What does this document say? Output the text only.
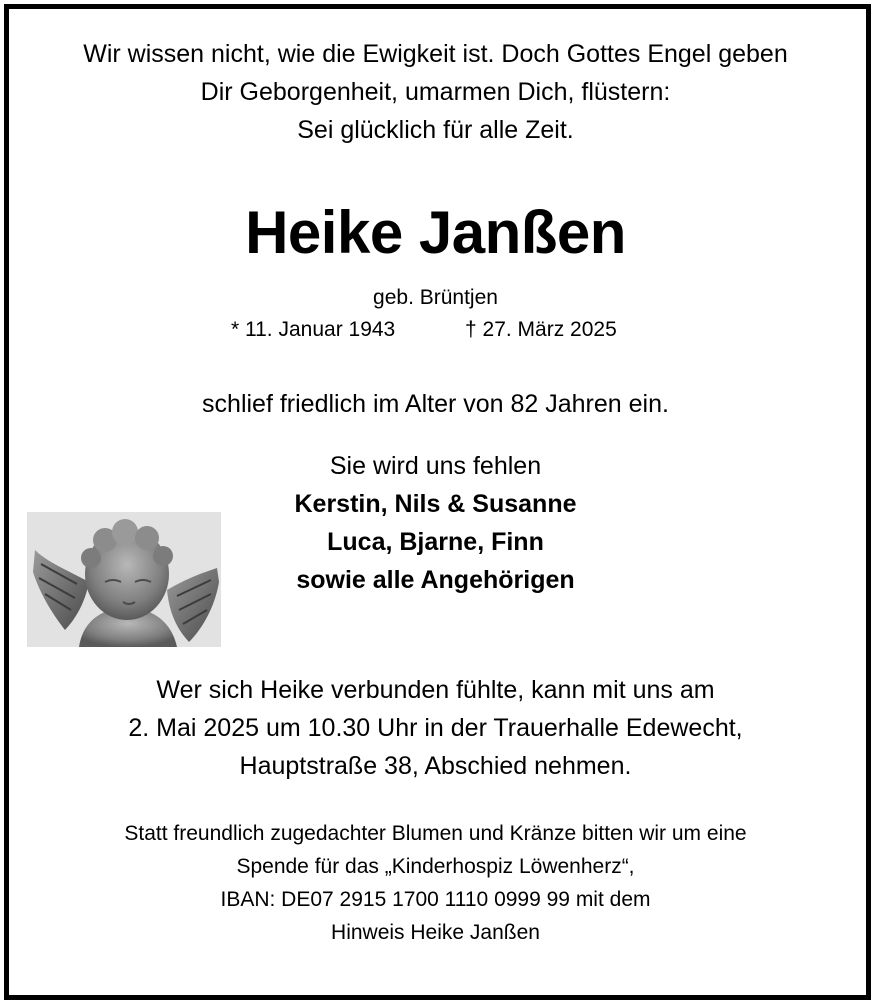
Wir wissen nicht, wie die Ewigkeit ist. Doch Gottes Engel geben
Dir Geborgenheit, umarmen Dich, flüstern:
Sei glücklich für alle Zeit.
Heike Janßen
geb. Brüntjen
* 11. Januar 1943	† 27. März 2025
schlief friedlich im Alter von 82 Jahren ein.
Sie wird uns fehlen
Kerstin, Nils & Susanne
Luca, Bjarne, Finn
sowie alle Angehörigen
Wer sich Heike verbunden fühlte, kann mit uns am
2. Mai 2025 um 10.30 Uhr in der Trauerhalle Edewecht,
Hauptstraße 38, Abschied nehmen.
Statt freundlich zugedachter Blumen und Kränze bitten wir um eine
Spende für das „Kinderhospiz Löwenherz“,
IBAN: DE07 2915 1700 1110 0999 99 mit dem
Hinweis Heike Janßen
